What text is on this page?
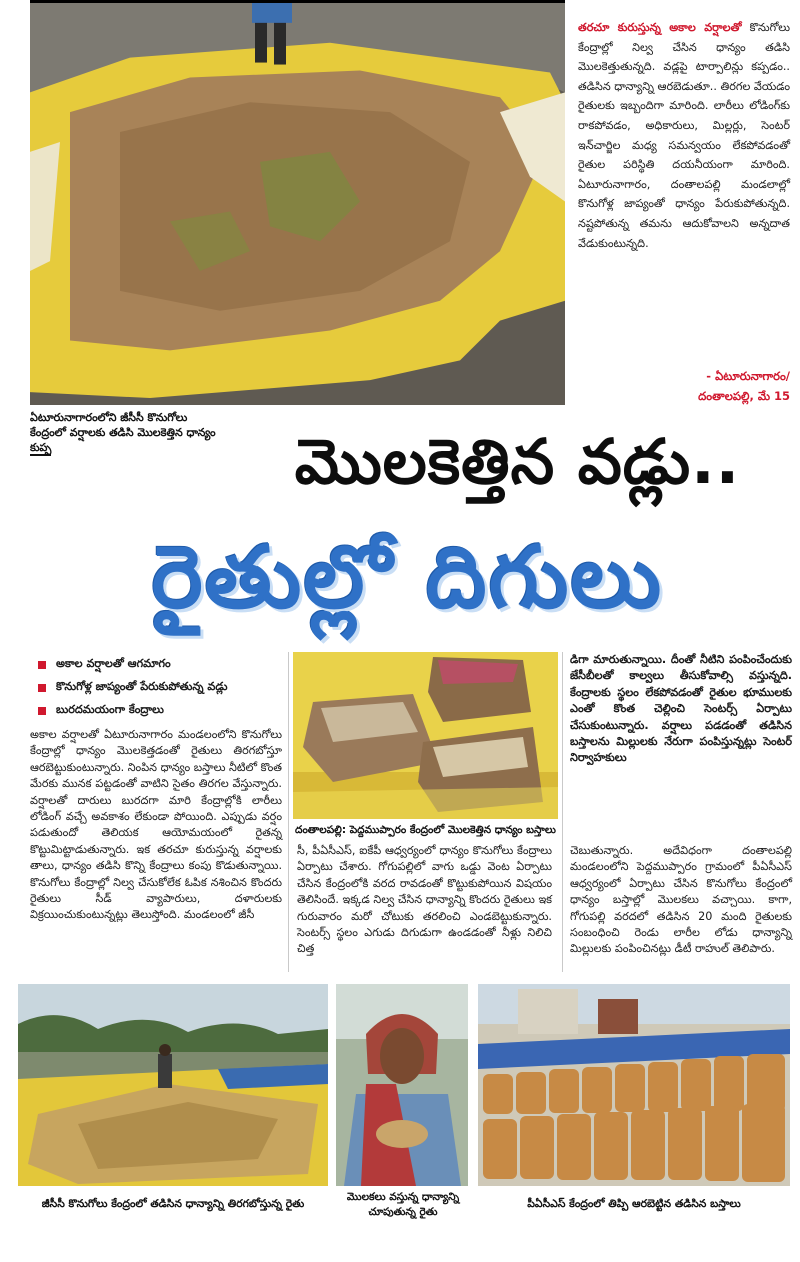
ఏటూరునాగారంలోని జీసీసీ కొనుగోలు కేంద్రంలో వర్షాలకు తడిసి మొలకెత్తిన ధాన్యం కుప్ప

తరచూ కురుస్తున్న అకాల వర్షాలతో కొనుగోలు కేంద్రాల్లో నిల్వ చేసిన ధాన్యం తడిసి మొలకెత్తుతున్నది. వడ్లపై టార్పాలిన్లు కప్పడం.. తడిసిన ధాన్యాన్ని ఆరబెడుతూ.. తిరగల వేయడం రైతులకు ఇబ్బందిగా మారింది. లారీలు లోడింగ్‌కు రాకపోవడం, అధికారులు, మిల్లర్లు, సెంటర్ ఇన్‌చార్జిల మధ్య సమన్వయం లేకపోవడంతో రైతుల పరిస్థితి దయనీయంగా మారింది. ఏటూరునాగారం, దంతాలపల్లి మండలాల్లో కొనుగోళ్ల జాప్యంతో ధాన్యం పేరుకుపోతున్నది. నష్టపోతున్న తమను ఆదుకోవాలని అన్నదాత వేడుకుంటున్నది.

- ఏటూరునాగారం/
దంతాలపల్లి, మే 15
మొలకెత్తిన వడ్లు..
రైతుల్లో దిగులు
అకాల వర్షాలతో ఆగమాగం
కొనుగోళ్ల జాప్యంతో పేరుకుపోతున్న వడ్లు
బురదమయంగా కేంద్రాలు
అకాల వర్షాలతో ఏటూరునాగారం మండలంలోని కొనుగోలు కేంద్రాల్లో ధాన్యం మొలకెత్తడంతో రైతులు తిరగబోస్తూ ఆరబెట్టుకుంటున్నారు. నింపిన ధాన్యం బస్తాలు నీటిలో కొంత మేరకు మునక పట్టడంతో వాటిని సైతం తిరగల వేస్తున్నారు. వర్షాలతో దారులు బురదగా మారి కేంద్రాల్లోకి లారీలు లోడింగ్ వచ్చే అవకాశం లేకుండా పోయింది. ఎప్పుడు వర్షం పడుతుందో తెలియక ఆయోమయంలో రైతన్న కొట్టుమిట్టాడుతున్నారు. ఇక తరచూ కురుస్తున్న వర్షాలకు తాలు, ధాన్యం తడిసి కొన్ని కేంద్రాలు కంపు కొడుతున్నాయి. కొనుగోలు కేంద్రాల్లో నిల్వ చేసుకోలేక ఓపిక నశించిన కొందరు రైతులు సీడ్ వ్యాపారులు, దళారులకు విక్రయించుకుంటున్నట్లు తెలుస్తోంది. మండలంలో జీసీ
దంతాలపల్లి: పెద్దముప్పారం కేంద్రంలో మొలకెత్తిన ధాన్యం బస్తాలు
సీ, పీఏసీఎస్, ఐకేపీ ఆధ్వర్యంలో ధాన్యం కొనుగోలు కేంద్రాలు ఏర్పాటు చేశారు. గోగుపల్లిలో వాగు ఒడ్డు వెంట ఏర్పాటు చేసిన కేంద్రంలోకి వరద రావడంతో కొట్టుకుపోయిన విషయం తెలిసిందే. ఇక్కడ నిల్వ చేసిన ధాన్యాన్ని కొందరు రైతులు ఇక గురువారం మరో చోటుకు తరలించి ఎండబెట్టుకున్నారు. సెంటర్స్ స్థలం ఎగుడు దిగుడుగా ఉండడంతో నీళ్లు నిలిచి చిత్త
డిగా మారుతున్నాయి. దీంతో నీటిని పంపించేందుకు జేసీబీలతో కాల్వలు తీసుకోవాల్సి వస్తున్నది. కేంద్రాలకు స్థలం లేకపోవడంతో రైతుల భూములకు ఎంతో కొంత చెల్లించి సెంటర్స్ ఏర్పాటు చేసుకుంటున్నారు. వర్షాలు పడడంతో తడిసిన బస్తాలను మిల్లులకు నేరుగా పంపిస్తున్నట్లు సెంటర్ నిర్వాహకులు
చెబుతున్నారు. అదేవిధంగా దంతాలపల్లి మండలంలోని పెద్దముప్పారం గ్రామంలో పీఏసీఎస్ ఆధ్వర్యంలో ఏర్పాటు చేసిన కొనుగోలు కేంద్రంలో ధాన్యం బస్తాల్లో మొలకలు వచ్చాయి. కాగా, గోగుపల్లి వరదలో తడిసిన 20 మంది రైతులకు సంబంధించి రెండు లారీల లోడు ధాన్యాన్ని మిల్లులకు పంపించినట్లు డీటీ రాహుల్ తెలిపారు.
జీసీసీ కొనుగోలు కేంద్రంలో తడిసిన ధాన్యాన్ని తిరగబోస్తున్న రైతు	మొలకలు వస్తున్న ధాన్యాన్ని చూపుతున్న రైతు
పీఏసీఎస్ కేంద్రంలో తిప్పి ఆరబెట్టిన తడిసిన బస్తాలు
